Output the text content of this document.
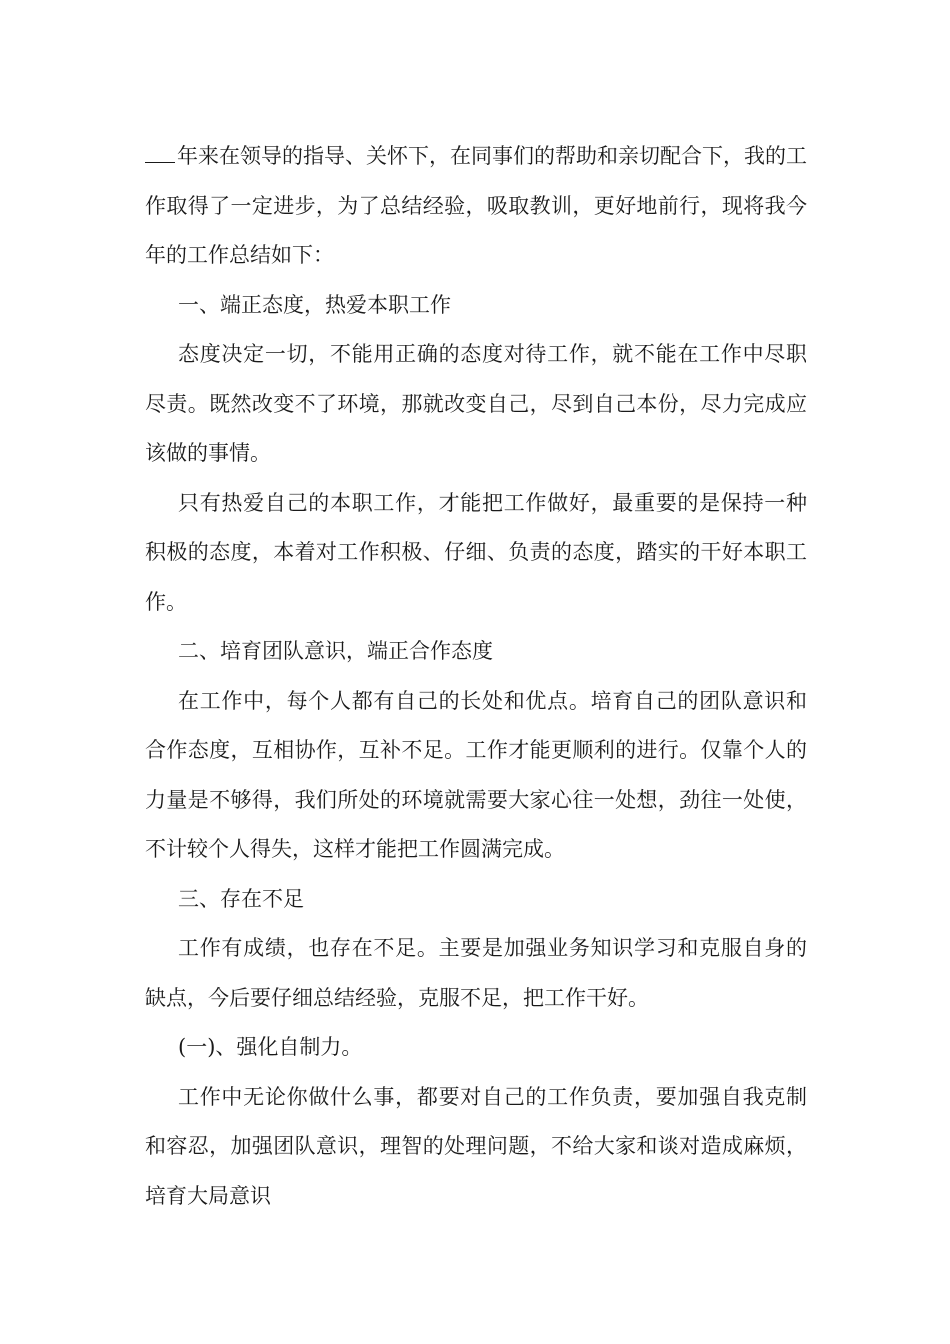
年来在领导的指导、关怀下，在同事们的帮助和亲切配合下，我的工作取得了一定进步，为了总结经验，吸取教训，更好地前行，现将我今年的工作总结如下：

一、端正态度，热爱本职工作

态度决定一切，不能用正确的态度对待工作，就不能在工作中尽职尽责。既然改变不了环境，那就改变自己，尽到自己本份，尽力完成应该做的事情。

只有热爱自己的本职工作，才能把工作做好，最重要的是保持一种积极的态度，本着对工作积极、仔细、负责的态度，踏实的干好本职工作。

二、培育团队意识，端正合作态度

在工作中，每个人都有自己的长处和优点。培育自己的团队意识和合作态度，互相协作，互补不足。工作才能更顺利的进行。仅靠个人的力量是不够得，我们所处的环境就需要大家心往一处想，劲往一处使，不计较个人得失，这样才能把工作圆满完成。

三、存在不足

工作有成绩，也存在不足。主要是加强业务知识学习和克服自身的缺点，今后要仔细总结经验，克服不足，把工作干好。

(一)、强化自制力。

工作中无论你做什么事，都要对自己的工作负责，要加强自我克制和容忍，加强团队意识，理智的处理问题，不给大家和谈对造成麻烦，培育大局意识
